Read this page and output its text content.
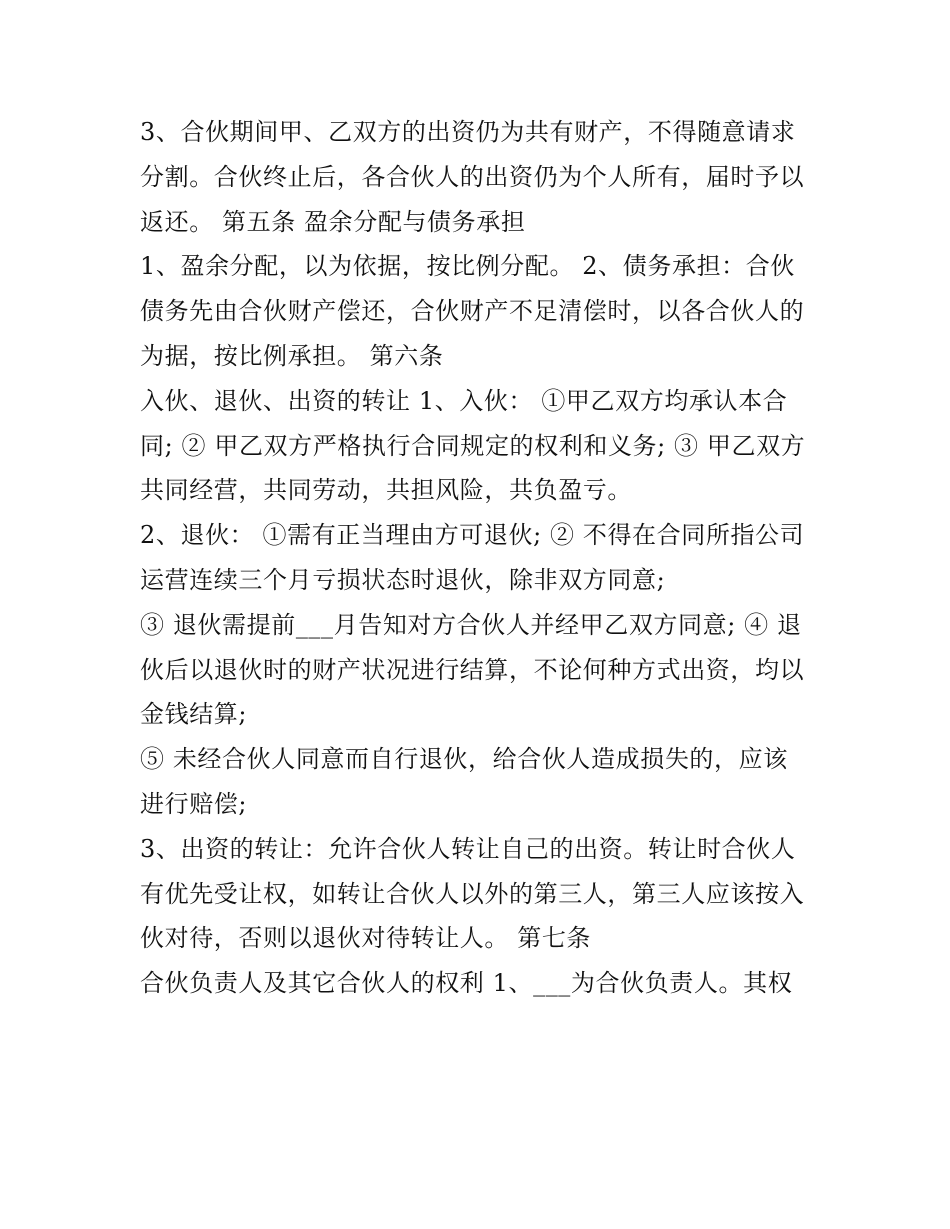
3、合伙期间甲、乙双方的出资仍为共有财产，不得随意请求
分割。合伙终止后，各合伙人的出资仍为个人所有，届时予以
返还。 第五条 盈余分配与债务承担

1、盈余分配，以为依据，按比例分配。 2、债务承担：合伙
债务先由合伙财产偿还，合伙财产不足清偿时，以各合伙人的
为据，按比例承担。 第六条

入伙、退伙、出资的转让 1、入伙： ①甲乙双方均承认本合
同; ② 甲乙双方严格执行合同规定的权利和义务; ③ 甲乙双方
共同经营，共同劳动，共担风险，共负盈亏。

2、退伙： ①需有正当理由方可退伙; ② 不得在合同所指公司
运营连续三个月亏损状态时退伙，除非双方同意;

③ 退伙需提前___月告知对方合伙人并经甲乙双方同意; ④ 退
伙后以退伙时的财产状况进行结算，不论何种方式出资，均以
金钱结算;

⑤ 未经合伙人同意而自行退伙，给合伙人造成损失的，应该
进行赔偿;

3、出资的转让：允许合伙人转让自己的出资。转让时合伙人
有优先受让权，如转让合伙人以外的第三人，第三人应该按入
伙对待，否则以退伙对待转让人。 第七条

合伙负责人及其它合伙人的权利 1、___为合伙负责人。其权
